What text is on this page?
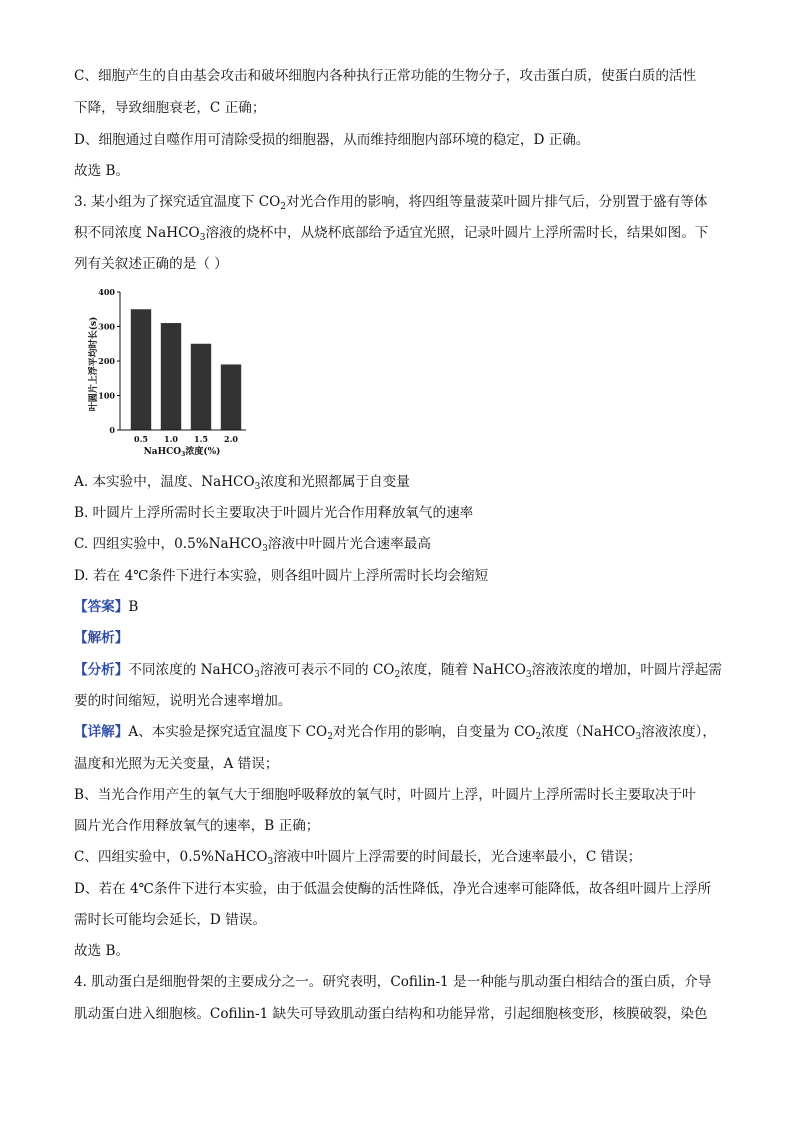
C、细胞产生的自由基会攻击和破坏细胞内各种执行正常功能的生物分子，攻击蛋白质，使蛋白质的活性
下降，导致细胞衰老，C 正确；
D、细胞通过自噬作用可清除受损的细胞器，从而维持细胞内部环境的稳定，D 正确。
故选 B。
3. 某小组为了探究适宜温度下 $CO_2$对光合作用的影响，将四组等量菠菜叶圆片排气后，分别置于盛有等体
积不同浓度 NaHCO$_3$溶液的烧杯中，从烧杯底部给予适宜光照，记录叶圆片上浮所需时长，结果如图。下
列有关叙述正确的是（ ）
叶圆片上浮平均时长(s)
0
100
200
300
400
0.5 1.0 1.5 2.0
NaHCO$_3$浓度(%)
A. 本实验中，温度、NaHCO$_3$浓度和光照都属于自变量
B. 叶圆片上浮所需时长主要取决于叶圆片光合作用释放氧气的速率
C. 四组实验中，0.5%NaHCO$_3$溶液中叶圆片光合速率最高
D. 若在 4℃条件下进行本实验，则各组叶圆片上浮所需时长均会缩短
【答案】B
【解析】
【分析】不同浓度的 NaHCO$_3$溶液可表示不同的 $CO_2$浓度，随着 NaHCO$_3$溶液浓度的增加，叶圆片浮起需
要的时间缩短，说明光合速率增加。
【详解】A、本实验是探究适宜温度下 $CO_2$对光合作用的影响，自变量为 $CO_2$浓度（NaHCO$_3$溶液浓度），
温度和光照为无关变量，A 错误；
B、当光合作用产生的氧气大于细胞呼吸释放的氧气时，叶圆片上浮，叶圆片上浮所需时长主要取决于叶
圆片光合作用释放氧气的速率，B 正确；
C、四组实验中，0.5%NaHCO$_3$溶液中叶圆片上浮需要的时间最长，光合速率最小，C 错误；
D、若在 4℃条件下进行本实验，由于低温会使酶的活性降低，净光合速率可能降低，故各组叶圆片上浮所
需时长可能均会延长，D 错误。
故选 B。
4. 肌动蛋白是细胞骨架的主要成分之一。研究表明，Cofilin-1 是一种能与肌动蛋白相结合的蛋白质，介导
肌动蛋白进入细胞核。Cofilin-1 缺失可导致肌动蛋白结构和功能异常，引起细胞核变形，核膜破裂，染色
